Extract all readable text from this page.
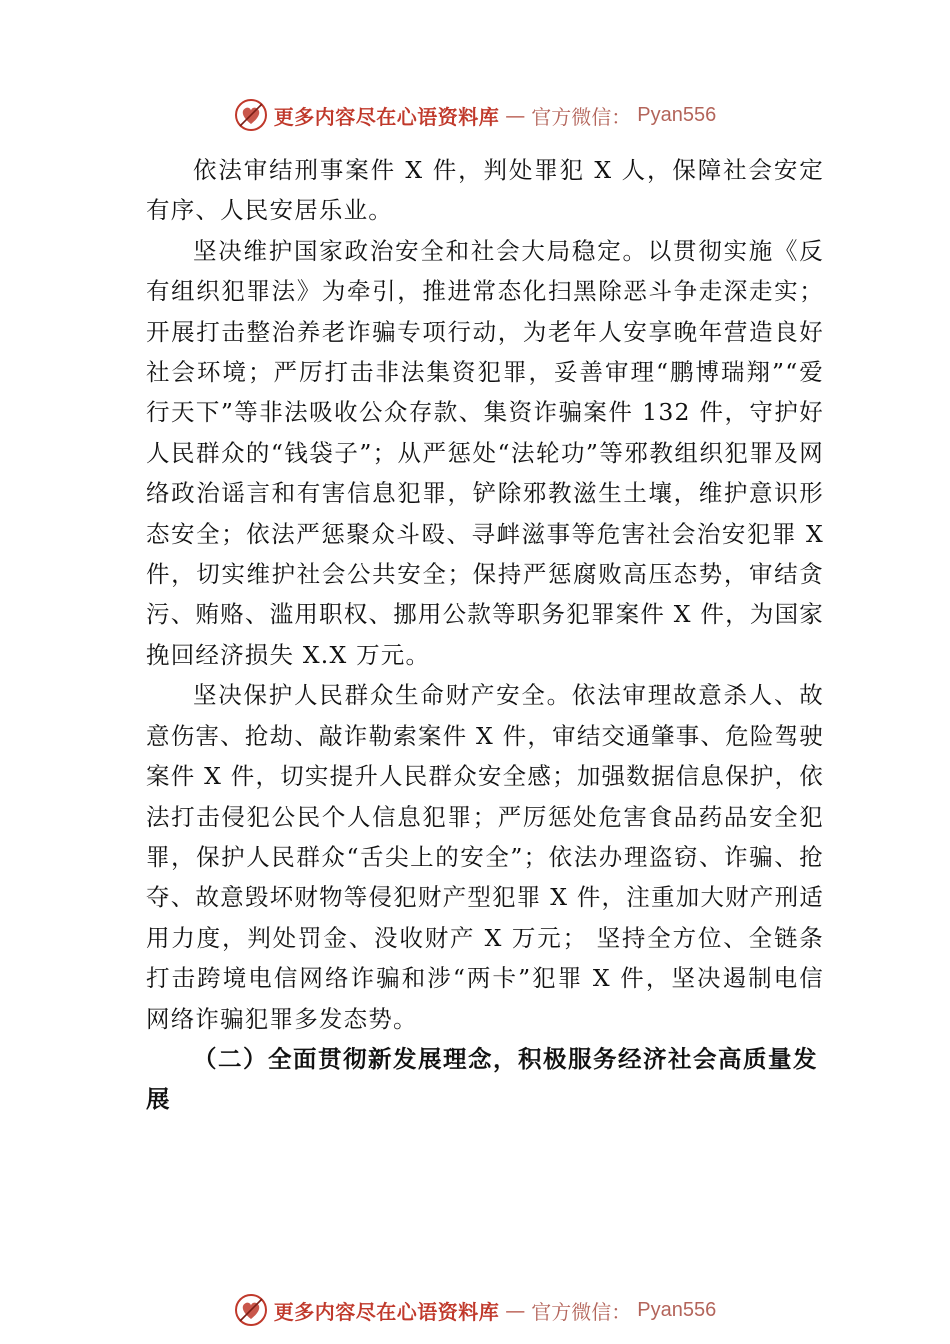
更多内容尽在心语资料库 — 官方微信： Pyan556

依法审结刑事案件 X 件，判处罪犯 X 人，保障社会安定有序、人民安居乐业。

坚决维护国家政治安全和社会大局稳定。以贯彻实施《反有组织犯罪法》为牵引，推进常态化扫黑除恶斗争走深走实；开展打击整治养老诈骗专项行动，为老年人安享晚年营造良好社会环境；严厉打击非法集资犯罪，妥善审理“鹏博瑞翔”“爱行天下”等非法吸收公众存款、集资诈骗案件 132 件，守护好人民群众的“钱袋子”；从严惩处“法轮功”等邪教组织犯罪及网络政治谣言和有害信息犯罪，铲除邪教滋生土壤，维护意识形态安全；依法严惩聚众斗殴、寻衅滋事等危害社会治安犯罪 X 件，切实维护社会公共安全；保持严惩腐败高压态势，审结贪污、贿赂、滥用职权、挪用公款等职务犯罪案件 X 件，为国家挽回经济损失 X.X 万元。

坚决保护人民群众生命财产安全。依法审理故意杀人、故意伤害、抢劫、敲诈勒索案件 X 件，审结交通肇事、危险驾驶案件 X 件，切实提升人民群众安全感；加强数据信息保护，依法打击侵犯公民个人信息犯罪；严厉惩处危害食品药品安全犯罪，保护人民群众“舌尖上的安全”；依法办理盗窃、诈骗、抢夺、故意毁坏财物等侵犯财产型犯罪 X 件，注重加大财产刑适用力度，判处罚金、没收财产 X 万元； 坚持全方位、全链条打击跨境电信网络诈骗和涉“两卡”犯罪 X 件，坚决遏制电信网络诈骗犯罪多发态势。

（二）全面贯彻新发展理念，积极服务经济社会高质量发展

更多内容尽在心语资料库 — 官方微信： Pyan556
